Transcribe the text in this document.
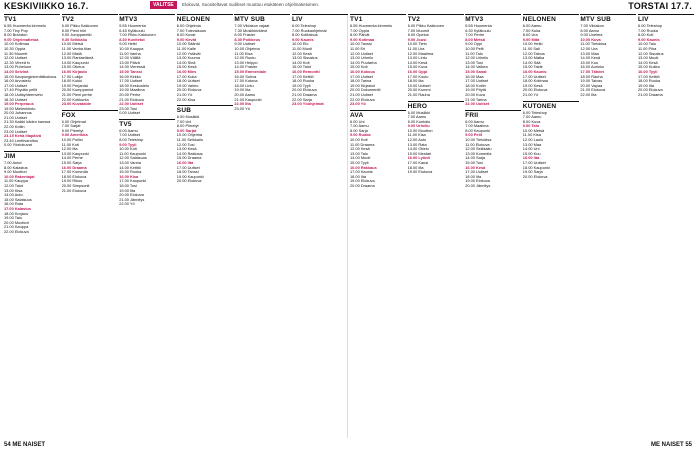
KESKIVIIKKO 16.7.	VALITSE	Elokuvat, Suositeltavat sudikset muuttuu etukäteen ohjelmatietoinen.	TORSTAI 17.7.
TV1
6.55 Huomenta kimmelu
7.00 Tiny Pop
8.00 Brandon
9.00 Ohjelmatietoa
10.00 Kotimaa
10.30 Oppia
11.30 Muumit
12.00 Uutiset
12.30 Vihreä tv
13.00 Puheluun
14.00 Selvinä
15.00 Kaupunginkenttäkokous
16.00 Arvostelu
17.00 Uutiset
17.40 Pöydän pellit
18.00 Uutisyhteenveto
18.30 Uutiset
19.00 Perpetuus
19.50 Mielenkiinto
20.00 Juhannus
21.00 Uutiset
21.30 Kaikki käden kanssa
22.00 Kotiin
23.00 Uutiset
23.15 Kehä iltapäivä
23.40 Lenttivaroitus
0.00 Yöelokuvat
JIM
7.00 Autot
8.00 Kalastus
9.00 Moottori
10.00 Rakentajat
11.00 Kauppa
12.00 Talot
13.00 Kisa
14.00 Auto
15.00 Salaisuus
16.00 Rata
17.00 Kalastus
18.00 Korjaus
19.00 Talo
20.00 Moottori
21.00 Kauppa
22.00 Elokuva
TV2
6.00 Pikku Kakkonen
8.00 Pieni hiiri
9.00 Jumpparetki
9.30 Seikkailu
10.00 Metsä
11.00 Vanha tilan
12.00 Mistä
13.00 Rantaelämä
14.00 Kaupunki
15.00 Oikeus
16.00 Kirjasto
17.00 Lukija
18.00 Kokki
19.00 Perjantai
20.00 Kumppaniot
21.00 Pieni perhe
22.00 Kotikunta
23.00 Kuvataide
FOX
6.00 Ohjelmat
7.00 Sarjat
8.00 Piirretyt
9.00 Amerikka
10.00 Poliisi
11.00 Koti
12.00 Ilta
13.00 Kaupunki
14.00 Perhe
15.00 Sarja
16.00 Draama
17.00 Komedia
18.00 Elokuva
19.00 Rikos
20.00 Simpsonit
21.00 Elokuva
MTV3
5.55 Huomenta
6.45 Kyläkoulu
7.00 Pikku Kakkonen
8.30 Kuvitetut
9.00 Hetki
10.00 Kauppa
11.00 Vanha
12.00 Välillä
13.00 Päivä
14.00 Vieressä
15.00 Tanssi
16.00 Kirkko
17.00 Uutiset
18.00 Keskustelu
19.00 Maailma
20.00 Perhe
21.00 Elokuva
22.00 Uutiset
23.00 Tosi
0.00 Uutiset
TV5
6.00 Aamu
7.00 Uutiset
8.00 Teleshop
9.00 Tyyli
10.00 Koti
11.00 Kaupunki
12.00 Salaisuus
13.00 Vanha
14.00 Keittiö
15.00 Ruoka
16.00 Kisa
17.00 Kaupunki
18.00 Tosi
19.00 Ilta
20.00 Elokuva
21.00 Jännitys
22.00 Yö
NELONEN
6.00 Ohjelmia
7.00 Tulevaisuus
8.00 Kuvat
9.00 Kevät
10.00 Sääntö
11.00 Kalle
12.00 Ystävät
13.00 Kuuma
14.00 Sinä
15.00 Kesä
16.00 Mies
17.00 Kuka
18.00 Uutiset
19.00 Vaimo
20.00 Elokuva
21.00 Yö
22.00 Kisa
SUB
6.00 Musiikki
7.00 Uni
8.00 Piirretyt
9.00 Sarjat
10.00 Ohjelma
11.00 Seikkailu
12.00 Tosi
13.00 Kesä
14.00 Rakkaus
15.00 Draama
16.00 Ilta
17.00 Uutiset
18.00 Tanssi
19.00 Kaupunki
20.00 Elokuva
MTV SUB
7.00 Viidakon vajaat
7.30 Musiikkivideot
8.00 Frasier
8.30 Poikkeus
9.00 Uutiset
10.00 Ohjelma
11.00 Kisa
12.00 Ruutu
13.00 Helppo
14.00 Frasier
15.00 Emmerdale
16.00 Sohva
17.00 Kotona
18.00 Lintu
19.00 Ilta
20.00 Aamu
21.00 Kaupunki
22.00 Ilta
23.00 Yö
LIV
6.00 Teleshop
7.00 Ruokaohjelmat
8.00 Kotitalous
9.00 Kaunis
10.00 Elo
11.00 Muoti
12.00 Kesä
13.00 Sisustus
14.00 Koti
15.00 Talot
16.00 Remontti
17.00 Keittiö
18.00 Ruoka
19.00 Tyyli
20.00 Elokuva
21.00 Draama
22.00 Sarja
23.00 Yöohjelmat
TV1
6.55 Huomenta kimmelu
7.00 Oppia
8.00 Päivät
9.00 Kotimaa
10.00 Tanssi
11.00 Eri
12.00 Uutiset
13.00 Urheilu
14.00 Puutarha
15.00 Koti
16.00 Kokous
17.00 Uutiset
18.00 Tarina
19.00 Kirjastot
20.00 Dokumentti
21.00 Uutiset
22.00 Elokuva
23.00 Yö
AVA
6.00 Uni
7.00 Aamu
8.00 Sarja
9.00 Ruoka
10.00 Koti
11.00 Draama
12.00 Kesä
13.00 Talo
14.00 Muoti
15.00 Tyyli
16.00 Rakkaus
17.00 Kaunis
18.00 Ilta
19.00 Elokuva
20.00 Draama
TV2
6.00 Pikku Kakkonen
7.00 Muumit
8.00 Opetus
9.00 Jousi
10.00 Tieto
11.00 Ura
12.00 Maailma
13.00 Lintu
14.00 Kesä
15.00 Kuva
16.00 Oppi
17.00 Koulu
18.00 Ilta
19.00 Uutiset
20.00 Kummi
21.00 Rauha
HERO
6.00 Musiikki
7.00 Aamu
8.00 Kuntoilu
9.00 Urheilu
10.00 Moottori
11.00 Kisa
12.00 Auto
13.00 Rata
14.00 Ottelu
15.00 Mestari
16.00 Lyönti
17.00 Kausi
18.00 Ilta
19.00 Elokuva
MTV3
5.55 Huomenta
6.30 Kyläkoulu
7.00 Perhe
8.00 Metsä
9.00 Oppi
10.00 Pelit
11.00 Talo
12.00 Urheilu
13.00 Tosi
14.00 Valkea
15.00 Sanat
16.00 Maa
17.00 Uutiset
18.00 Kotiin
19.00 Pöytä
20.00 Kuva
21.00 Tarina
22.00 Uutiset
FRII
6.00 Aamu
7.00 Maailma
8.00 Kaupunki
9.00 Pelit
10.00 Tietokisa
11.00 Elokuva
12.00 Seikkailu
13.00 Komedia
14.00 Sarja
15.00 Tosi
16.00 Kesä
17.00 Uutiset
18.00 Ilta
19.00 Elokuva
20.00 Jännitys
NELONEN
6.00 Aamu
7.00 Kuka
8.00 Ura
9.00 Mitä
10.00 Hetki
11.00 Sali
12.00 Talous
13.00 Matka
14.00 Sää
15.00 Taide
16.00 Kaunis
17.00 Uutiset
18.00 Kotimaa
19.00 Kesä
20.00 Elokuva
21.00 Yö
KUTONEN
6.00 Teleshop
7.00 Aamu
8.00 Kuva
9.00 Talo
10.00 Metsä
11.00 Kisa
12.00 Laulu
13.00 Maa
14.00 Uni
15.00 Kuu
16.00 Ilta
17.00 Uutiset
18.00 Kaupunki
19.00 Sarja
20.00 Elokuva
MTV SUB
7.00 Viidakon
8.00 Aamu
9.00 Unelma
10.00 Kuva
11.00 Tietokisa
12.00 Ura
13.00 Maa
14.00 Kesä
15.00 Kuu
16.00 Aurinko
17.00 Tähdet
18.00 Rauha
19.00 Taivas
20.00 Vapaa
21.00 Elokuva
22.00 Ilta
LIV
6.00 Teleshop
7.00 Ruoka
8.00 Koti
9.00 Kaunis
10.00 Talo
11.00 Piha
12.00 Sisustus
13.00 Muoti
14.00 Kesä
15.00 Kukka
16.00 Tyyli
17.00 Keittiö
18.00 Ruoka
19.00 Ilta
20.00 Elokuva
21.00 Draama
54 ME NAISET	ME NAISET 55
